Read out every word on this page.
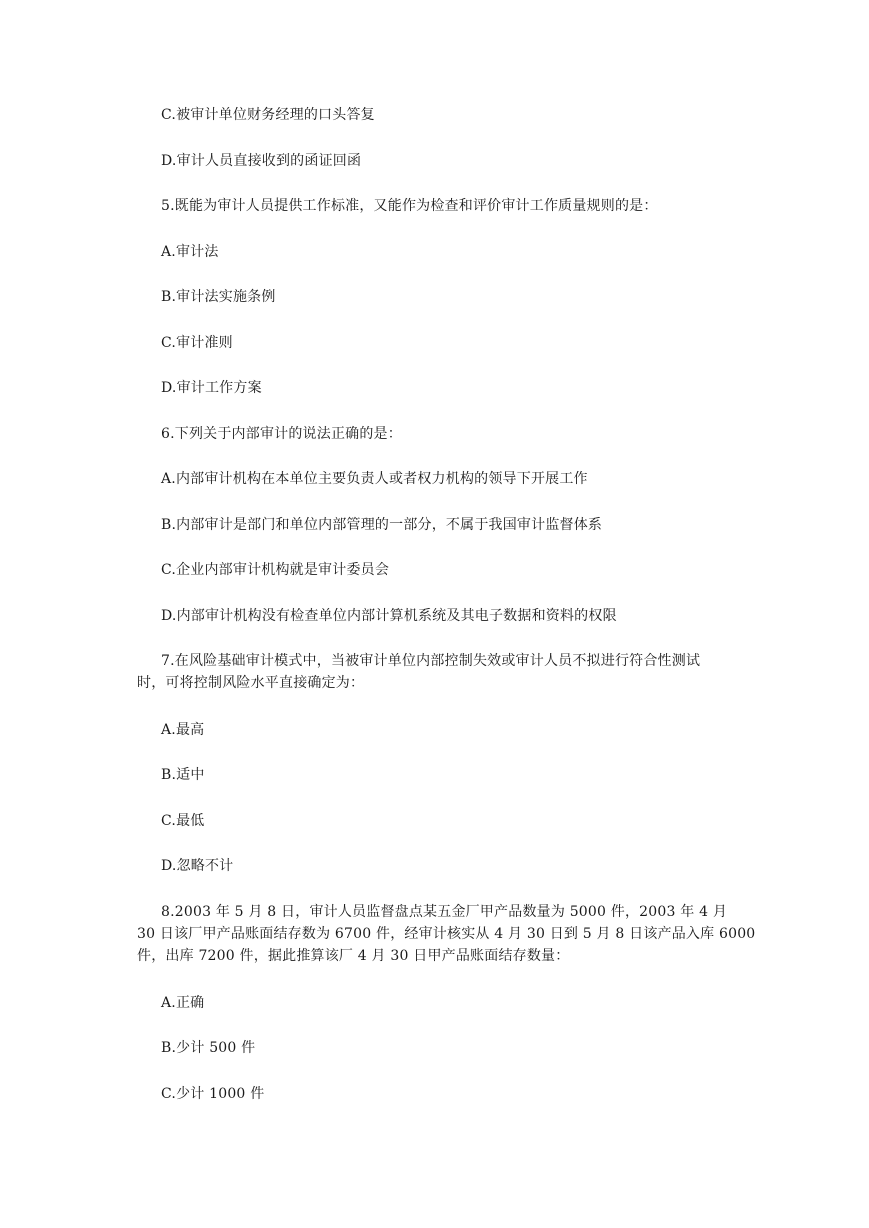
C.被审计单位财务经理的口头答复
D.审计人员直接收到的函证回函
5.既能为审计人员提供工作标准，又能作为检查和评价审计工作质量规则的是：
A.审计法
B.审计法实施条例
C.审计准则
D.审计工作方案
6.下列关于内部审计的说法正确的是：
A.内部审计机构在本单位主要负责人或者权力机构的领导下开展工作
B.内部审计是部门和单位内部管理的一部分，不属于我国审计监督体系
C.企业内部审计机构就是审计委员会
D.内部审计机构没有检查单位内部计算机系统及其电子数据和资料的权限
7.在风险基础审计模式中，当被审计单位内部控制失效或审计人员不拟进行符合性测试
时，可将控制风险水平直接确定为：
A.最高
B.适中
C.最低
D.忽略不计
8.2003 年 5 月 8 日，审计人员监督盘点某五金厂甲产品数量为 5000 件，2003 年 4 月
30 日该厂甲产品账面结存数为 6700 件，经审计核实从 4 月 30 日到 5 月 8 日该产品入库 6000
件，出库 7200 件，据此推算该厂 4 月 30 日甲产品账面结存数量：
A.正确
B.少计 500 件
C.少计 1000 件
